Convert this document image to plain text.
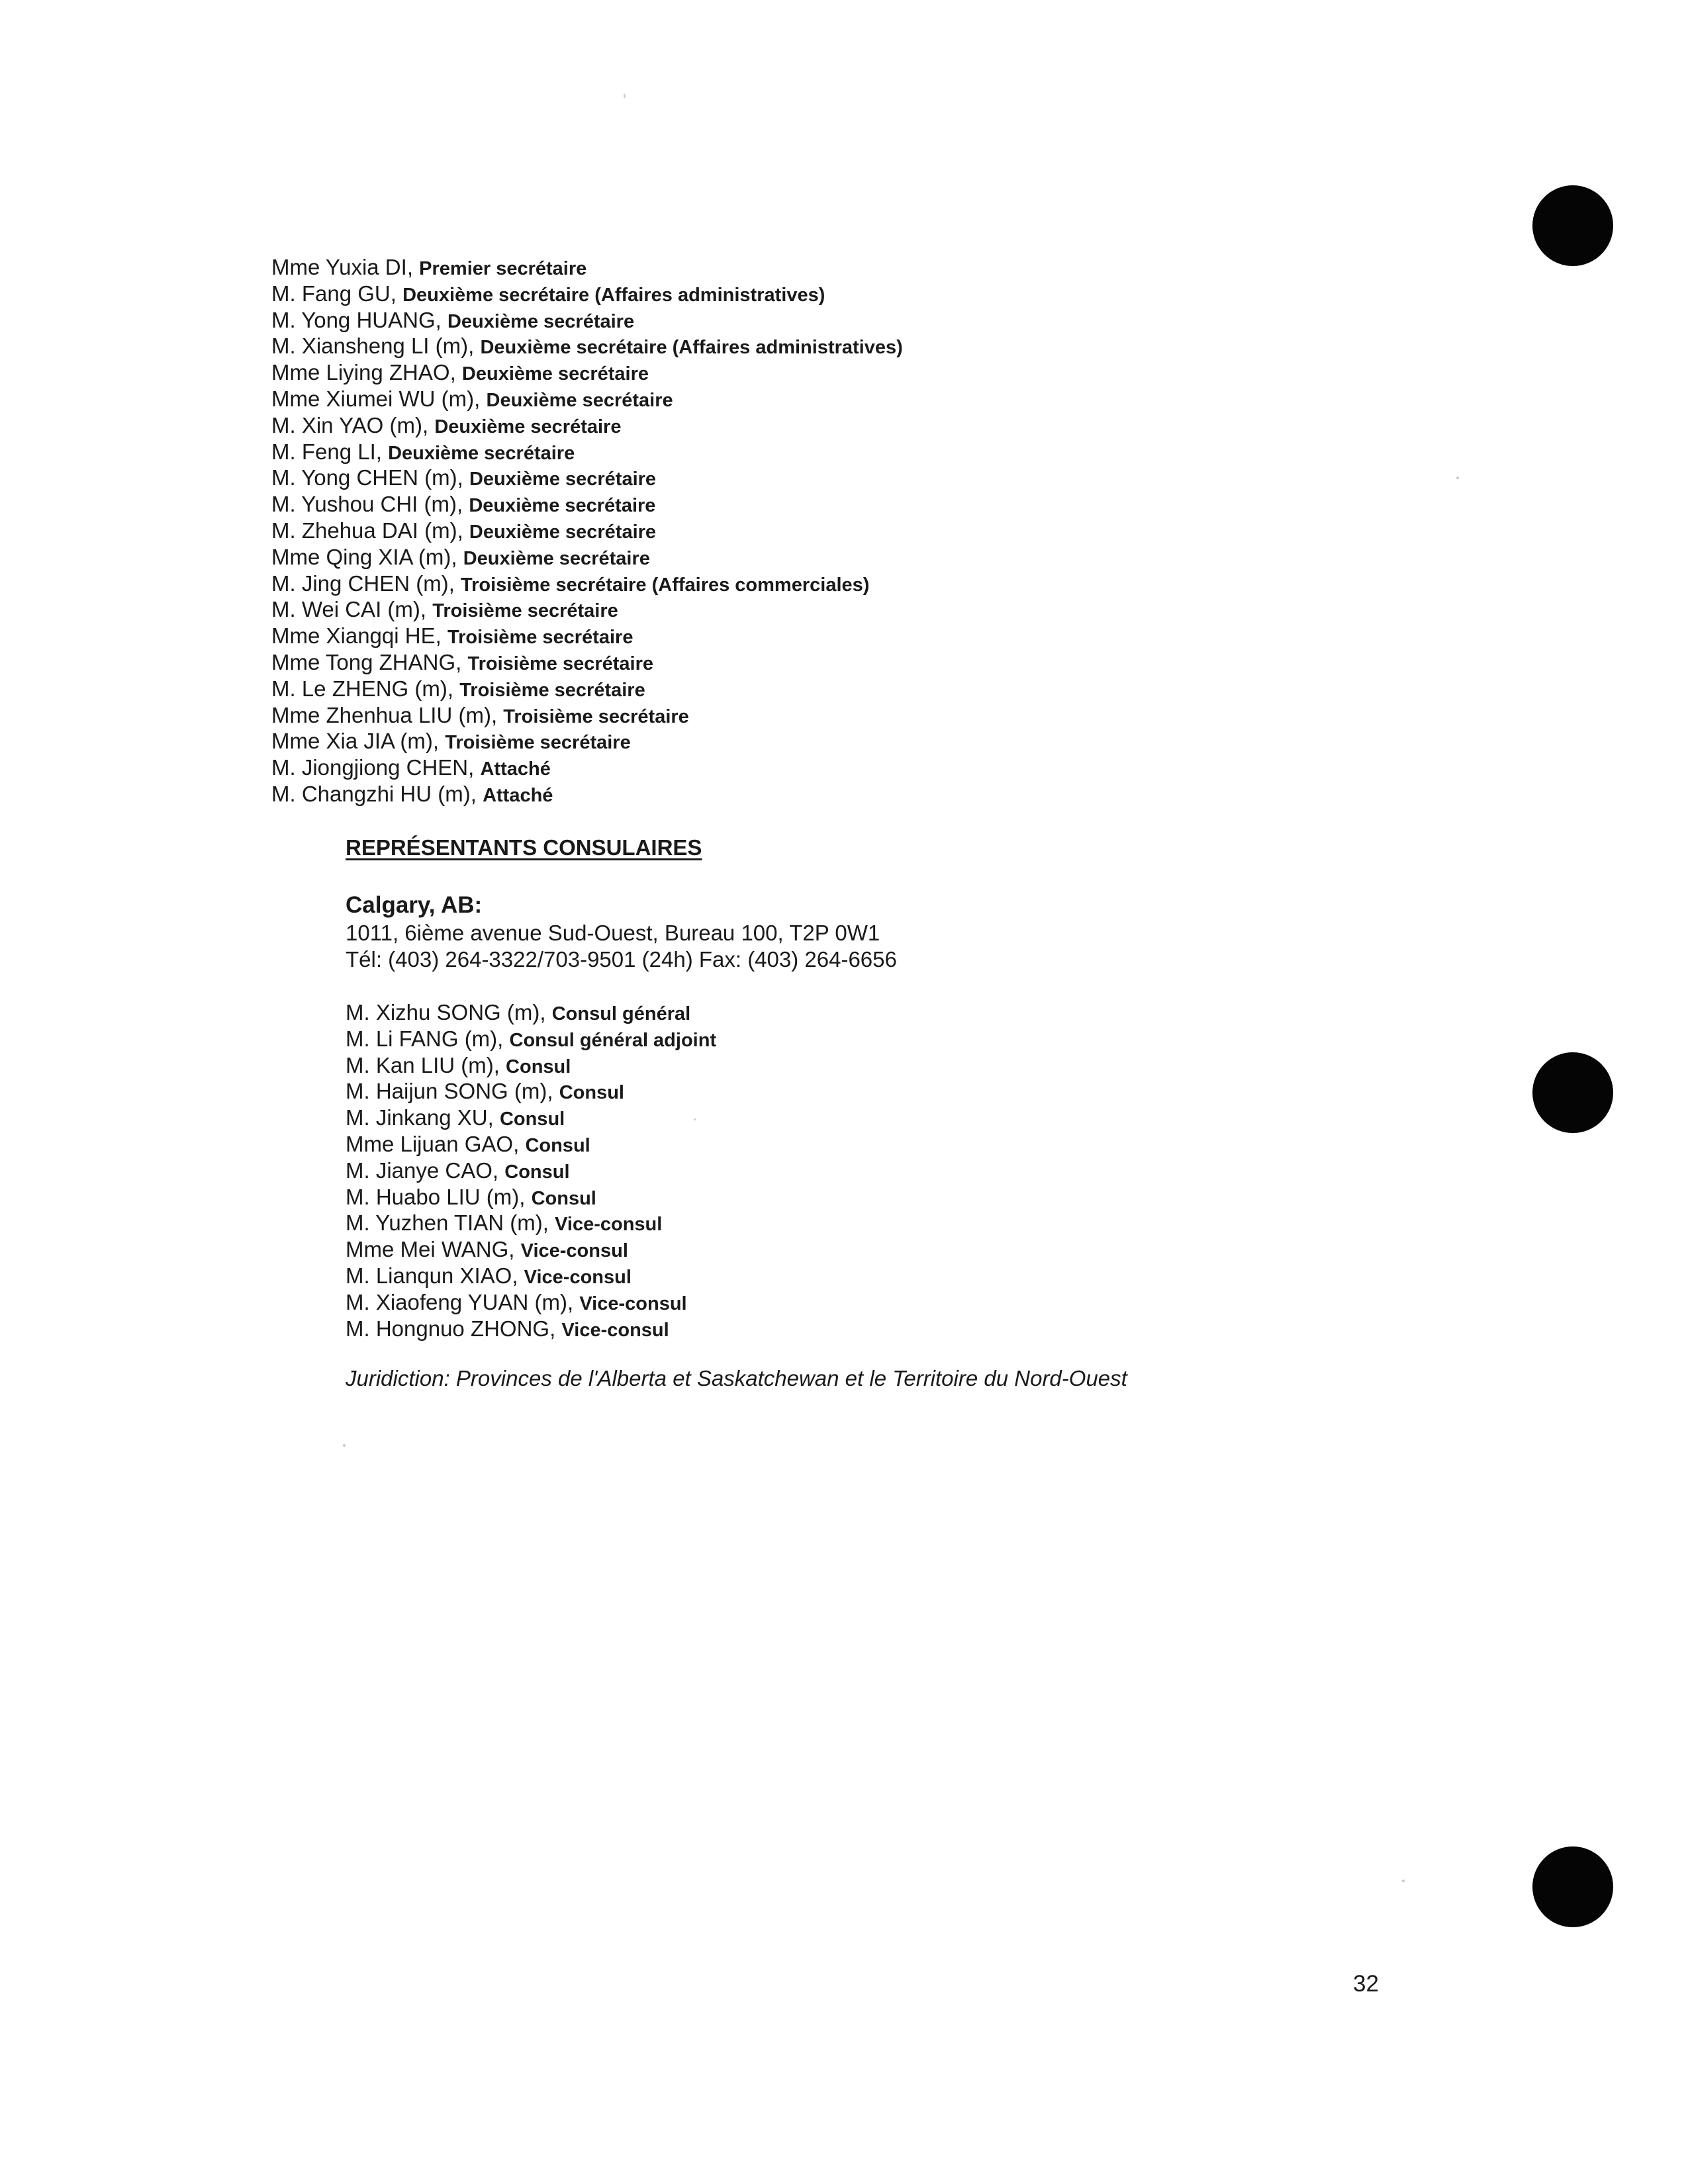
Mme Yuxia DI, Premier secrétaire
M. Fang GU, Deuxième secrétaire (Affaires administratives)
M. Yong HUANG, Deuxième secrétaire
M. Xiansheng LI (m), Deuxième secrétaire (Affaires administratives)
Mme Liying ZHAO, Deuxième secrétaire
Mme Xiumei WU (m), Deuxième secrétaire
M. Xin YAO (m), Deuxième secrétaire
M. Feng LI, Deuxième secrétaire
M. Yong CHEN (m), Deuxième secrétaire
M. Yushou CHI (m), Deuxième secrétaire
M. Zhehua DAI (m), Deuxième secrétaire
Mme Qing XIA (m), Deuxième secrétaire
M. Jing CHEN (m), Troisième secrétaire (Affaires commerciales)
M. Wei CAI (m), Troisième secrétaire
Mme Xiangqi HE, Troisième secrétaire
Mme Tong ZHANG, Troisième secrétaire
M. Le ZHENG (m), Troisième secrétaire
Mme Zhenhua LIU (m), Troisième secrétaire
Mme Xia JIA (m), Troisième secrétaire
M. Jiongjiong CHEN, Attaché
M. Changzhi HU (m), Attaché
REPRÉSENTANTS CONSULAIRES
Calgary, AB:
1011, 6ième avenue Sud-Ouest, Bureau 100, T2P 0W1
Tél: (403) 264-3322/703-9501 (24h) Fax: (403) 264-6656
M. Xizhu SONG (m), Consul général
M. Li FANG (m), Consul général adjoint
M. Kan LIU (m), Consul
M. Haijun SONG (m), Consul
M. Jinkang XU, Consul
Mme Lijuan GAO, Consul
M. Jianye CAO, Consul
M. Huabo LIU (m), Consul
M. Yuzhen TIAN (m), Vice-consul
Mme Mei WANG, Vice-consul
M. Lianqun XIAO, Vice-consul
M. Xiaofeng YUAN (m), Vice-consul
M. Hongnuo ZHONG, Vice-consul
Juridiction: Provinces de l'Alberta et Saskatchewan et le Territoire du Nord-Ouest
32
